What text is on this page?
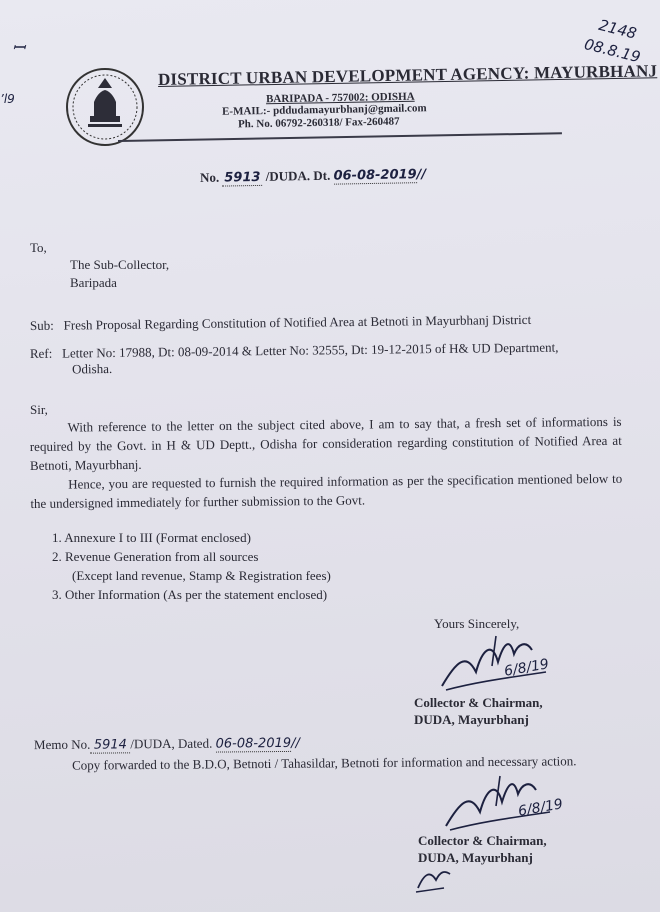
ꟷ
’l9
2148
08.8.19
DISTRICT URBAN DEVELOPMENT AGENCY: MAYURBHANJ
BARIPADA - 757002: ODISHA
E-MAIL:- pddudamayurbhanj@gmail.com
Ph. No. 06792-260318/ Fax-260487
No. 5913 /DUDA. Dt. 06-08-2019//
To,
The Sub-Collector,
Baripada
Sub: Fresh Proposal Regarding Constitution of Notified Area at Betnoti in Mayurbhanj District
Ref: Letter No: 17988, Dt: 08-09-2014 & Letter No: 32555, Dt: 19-12-2015 of H& UD Department,
Odisha.
Sir,
With reference to the letter on the subject cited above, I am to say that, a fresh set of informations is required by the Govt. in H & UD Deptt., Odisha for consideration regarding constitution of Notified Area at Betnoti, Mayurbhanj.
Hence, you are requested to furnish the required information as per the specification mentioned below to the undersigned immediately for further submission to the Govt.
1. Annexure I to III (Format enclosed)
2. Revenue Generation from all sources
(Except land revenue, Stamp & Registration fees)
3. Other Information (As per the statement enclosed)
Yours Sincerely,
6/8/19
Collector & Chairman,
DUDA, Mayurbhanj
Memo No. 5914 /DUDA, Dated. 06-08-2019//
Copy forwarded to the B.D.O, Betnoti / Tahasildar, Betnoti for information and necessary action.
6/8/19
Collector & Chairman,
DUDA, Mayurbhanj
